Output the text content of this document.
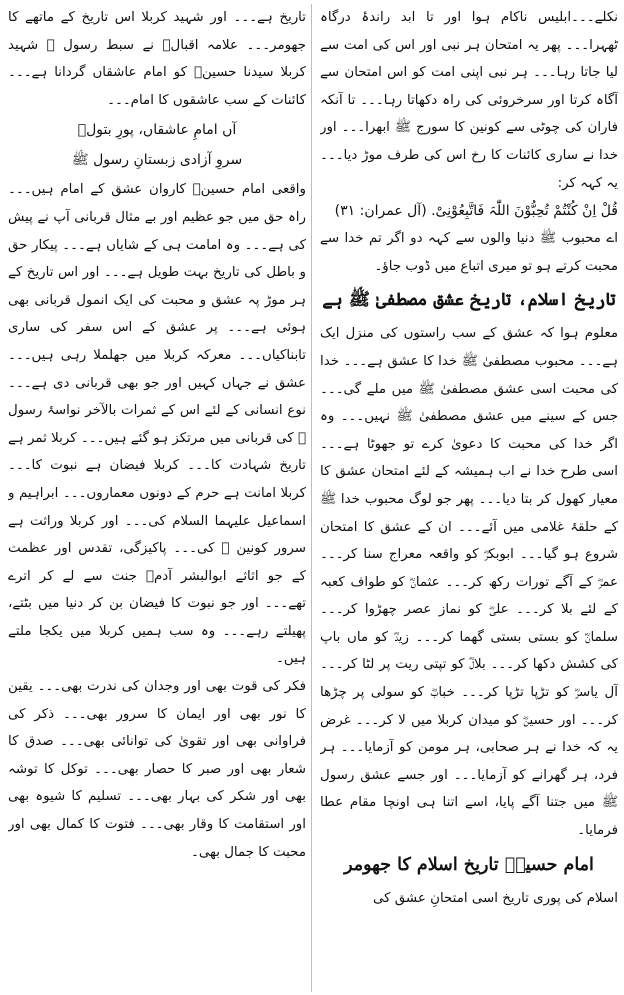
نکلے۔۔۔ابلیس ناکام ہوا اور تا ابد راندۂ درگاہ ٹھہرا۔۔۔ پھر یہ امتحان ہر نبی اور اس کی امت سے لیا جاتا رہا۔۔۔ ہر نبی اپنی امت کو اس امتحان سے آگاہ کرتا اور سرخروئی کی راہ دکھاتا رہا۔۔۔ تا آنکہ فاران کی چوٹی سے کونین کا سورج ﷺ ابھرا۔۔۔ اور خدا نے ساری کائنات کا رخ اس کی طرف موڑ دیا۔۔۔ یہ کہہ کر:

قُلْ اِنْ کُنْتُمْ تُحِبُّوْنَ اللّٰہَ فَاتَّبِعُوْنِیْ. (آل عمران: ۳۱)

اے محبوب ﷺ دنیا والوں سے کہہ دو اگر تم خدا سے محبت کرتے ہو تو میری اتباع میں ڈوب جاؤ۔

تاریخ اسلام، تاریخ عشق مصطفیٰ ﷺ ہے

معلوم ہوا کہ عشق کے سب راستوں کی منزل ایک ہے۔۔۔ محبوب مصطفیٰ ﷺ خدا کا عشق ہے۔۔۔ خدا کی محبت اسی عشق مصطفیٰ ﷺ میں ملے گی۔۔۔ جس کے سینے میں عشق مصطفیٰ ﷺ نہیں۔۔۔ وہ اگر خدا کی محبت کا دعویٰ کرے تو جھوٹا ہے۔۔۔ اسی طرح خدا نے اب ہمیشہ کے لئے امتحان عشق کا معیار کھول کر بتا دیا۔۔۔ پھر جو لوگ محبوب خدا ﷺ کے حلقۂ غلامی میں آئے۔۔۔ ان کے عشق کا امتحان شروع ہو گیا۔۔۔ ابوبکرؓ کو واقعہ معراج سنا کر۔۔۔ عمرؓ کے آگے تورات رکھ کر۔۔۔ عثمانؓ کو طواف کعبہ کے لئے بلا کر۔۔۔ علیؓ کو نماز عصر چھڑوا کر۔۔۔ سلمانؓ کو بستی بستی گھما کر۔۔۔ زیدؓ کو ماں باپ کی کشش دکھا کر۔۔۔ بلالؓ کو تپتی ریت پر لٹا کر۔۔۔ آل یاسرؓ کو تڑپا تڑپا کر۔۔۔ خبابؓ کو سولی پر چڑھا کر۔۔۔ اور حسینؓ کو میدان کربلا میں لا کر۔۔۔ غرض یہ کہ خدا نے ہر صحابی، ہر مومن کو آزمایا۔۔۔ ہر فرد، ہر گھرانے کو آزمایا۔۔۔ اور جسے عشق رسول ﷺ میں جتنا آگے پایا، اسے اتنا ہی اونچا مقام عطا فرمایا۔

امام حسینؓ تاریخ اسلام کا جھومر

اسلام کی پوری تاریخ اسی امتحانِ عشق کی

تاریخ ہے۔۔۔ اور شہید کربلا اس تاریخ کے ماتھے کا جھومر۔۔۔ علامہ اقبالؒ نے سبط رسول ﷺ شہید کربلا سیدنا حسینؓ کو امام عاشقاں گردانا ہے۔۔۔ کائنات کے سب عاشقوں کا امام۔۔۔

آں امامِ عاشقاں، پورِ بتولؓ
سروِ آزادی زبستانِ رسول ﷺ

واقعی امام حسینؓ کاروان عشق کے امام ہیں۔۔۔ راہ حق میں جو عظیم اور بے مثال قربانی آپ نے پیش کی ہے۔۔۔ وہ امامت ہی کے شایاں ہے۔۔۔ پیکار حق و باطل کی تاریخ بہت طویل ہے۔۔۔ اور اس تاریخ کے ہر موڑ پہ عشق و محبت کی ایک انمول قربانی بھی ہوئی ہے۔۔۔ پر عشق کے اس سفر کی ساری تابناکیاں۔۔۔ معرکہ کربلا میں جھلملا رہی ہیں۔۔۔ عشق نے جہاں کہیں اور جو بھی قربانی دی ہے۔۔۔ نوع انسانی کے لئے اس کے ثمرات بالآخر نواسۂ رسول ﷺ کی قربانی میں مرتکز ہو گئے ہیں۔۔۔ کربلا ثمر ہے تاریخ شہادت کا۔۔۔ کربلا فیضان ہے نبوت کا۔۔۔ کربلا امانت ہے حرم کے دونوں معماروں۔۔۔ ابراہیم و اسماعیل علیہما السلام کی۔۔۔ اور کربلا وراثت ہے سرور کونین ﷺ کی۔۔۔ پاکیزگی، تقدس اور عظمت کے جو اثاثے ابوالبشر آدمؑ جنت سے لے کر اترے تھے۔۔۔ اور جو نبوت کا فیضان بن کر دنیا میں بٹتے، پھیلتے رہے۔۔۔ وہ سب ہمیں کربلا میں یکجا ملتے ہیں۔

فکر کی قوت بھی اور وجدان کی ندرت بھی۔۔۔ یقین کا نور بھی اور ایمان کا سرور بھی۔۔۔ ذکر کی فراوانی بھی اور تقویٰ کی توانائی بھی۔۔۔ صدق کا شعار بھی اور صبر کا حصار بھی۔۔۔ توکل کا توشہ بھی اور شکر کی بہار بھی۔۔۔ تسلیم کا شیوہ بھی اور استقامت کا وقار بھی۔۔۔ فتوت کا کمال بھی اور محبت کا جمال بھی۔
